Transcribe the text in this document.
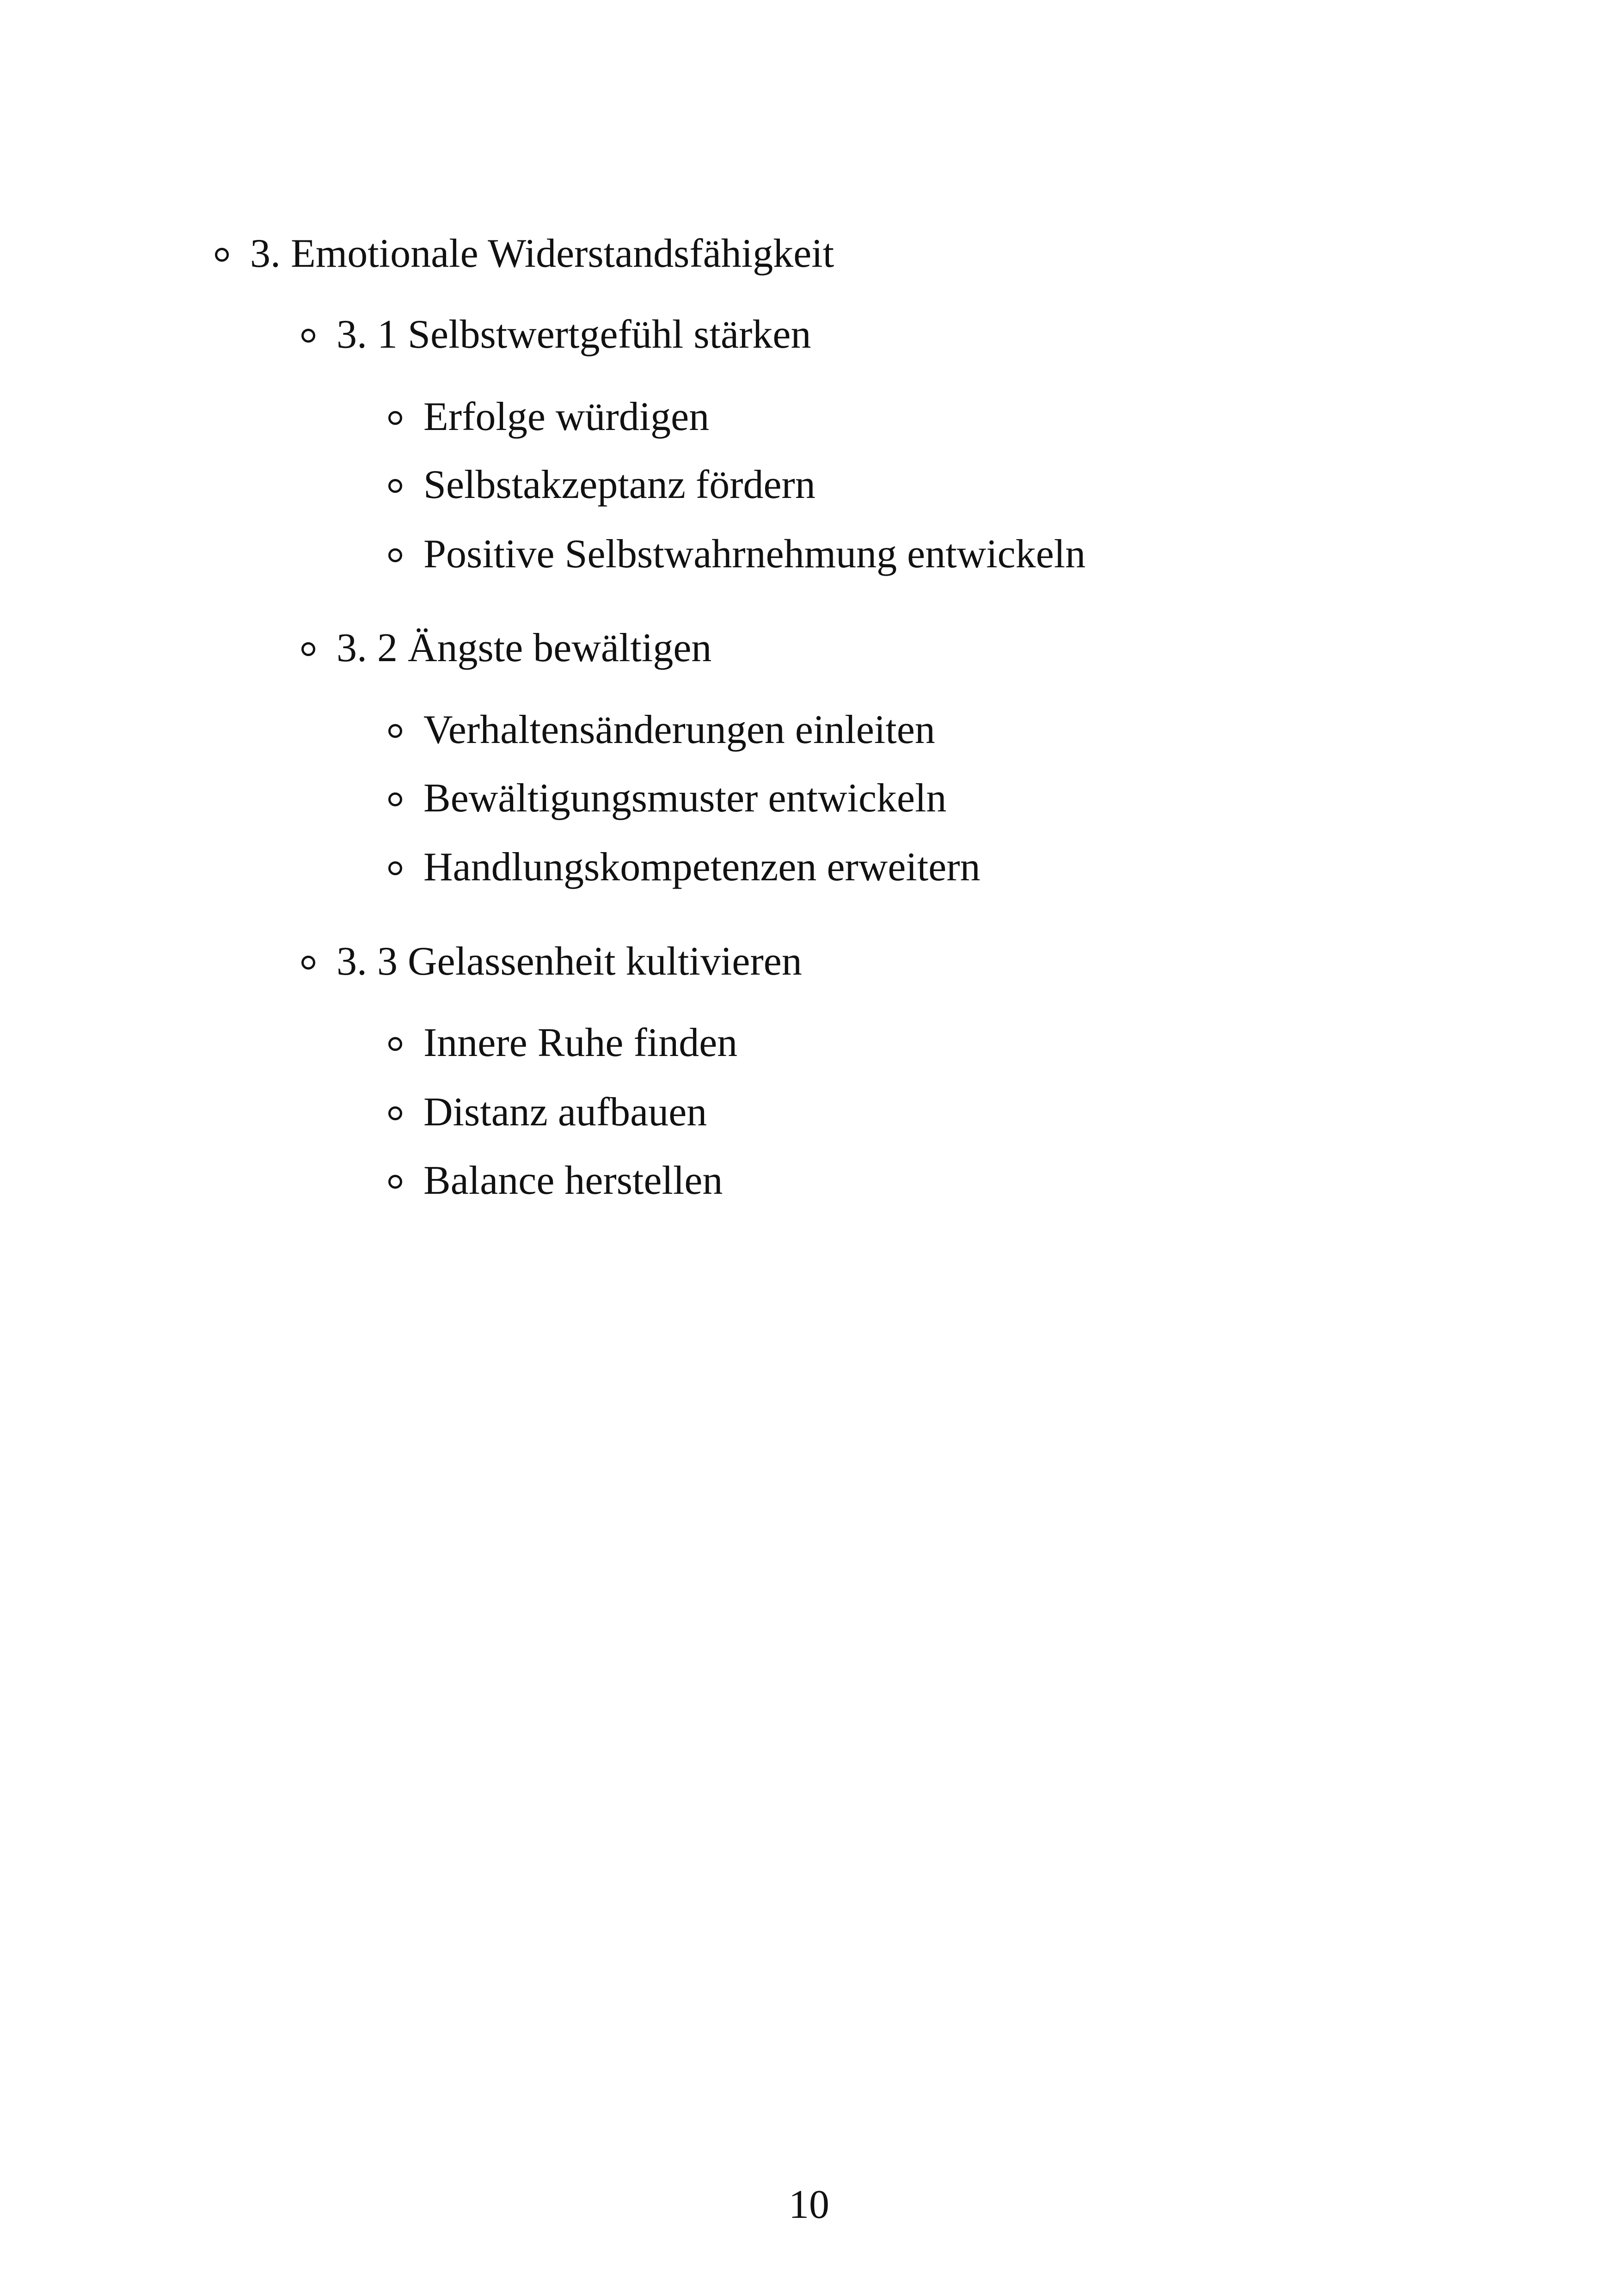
3. Emotionale Widerstandsfähigkeit
3. 1 Selbstwertgefühl stärken
Erfolge würdigen
Selbstakzeptanz fördern
Positive Selbstwahrnehmung entwickeln
3. 2 Ängste bewältigen
Verhaltensänderungen einleiten
Bewältigungsmuster entwickeln
Handlungskompetenzen erweitern
3. 3 Gelassenheit kultivieren
Innere Ruhe finden
Distanz aufbauen
Balance herstellen
10
